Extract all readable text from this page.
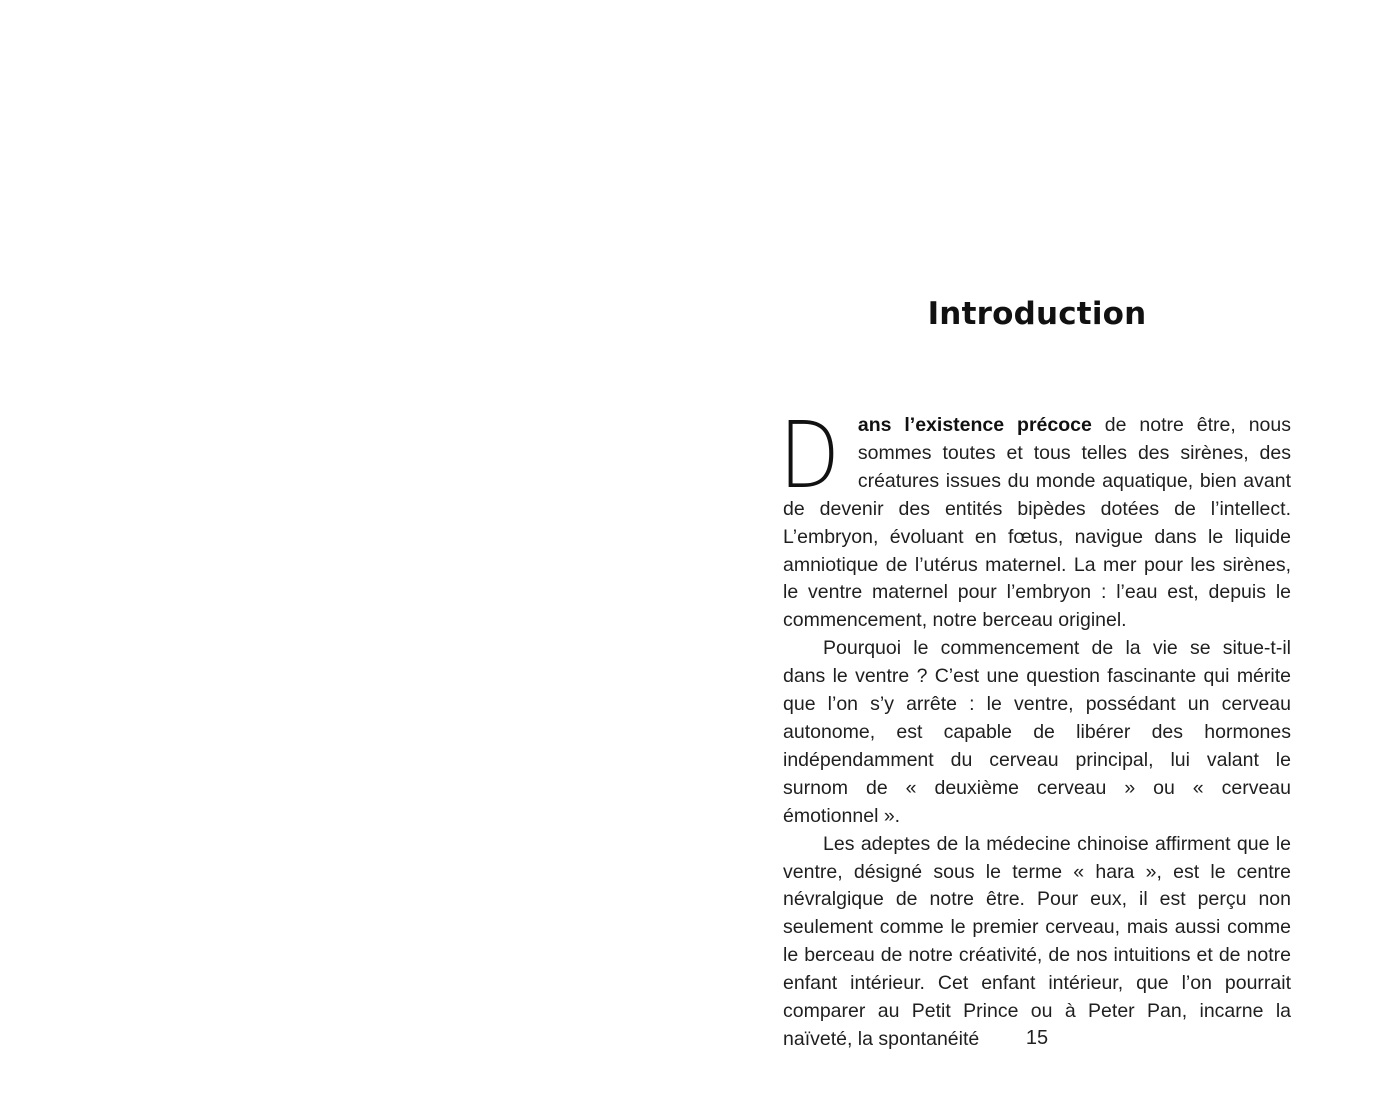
Introduction

Dans l’existence précoce de notre être, nous sommes toutes et tous telles des sirènes, des créatures issues du monde aquatique, bien avant de devenir des entités bipèdes dotées de l’intellect. L’embryon, évoluant en fœtus, navigue dans le liquide amniotique de l’utérus maternel. La mer pour les sirènes, le ventre maternel pour l’embryon : l’eau est, depuis le commencement, notre berceau originel.

Pourquoi le commencement de la vie se situe-t-il dans le ventre ? C’est une question fascinante qui mérite que l’on s’y arrête : le ventre, possédant un cerveau autonome, est capable de libérer des hormones indépendamment du cerveau principal, lui valant le surnom de « deuxième cerveau » ou « cerveau émotionnel ».

Les adeptes de la médecine chinoise affirment que le ventre, désigné sous le terme « hara », est le centre névralgique de notre être. Pour eux, il est perçu non seulement comme le premier cerveau, mais aussi comme le berceau de notre créativité, de nos intuitions et de notre enfant intérieur. Cet enfant intérieur, que l’on pourrait comparer au Petit Prince ou à Peter Pan, incarne la naïveté, la spontanéité	15
